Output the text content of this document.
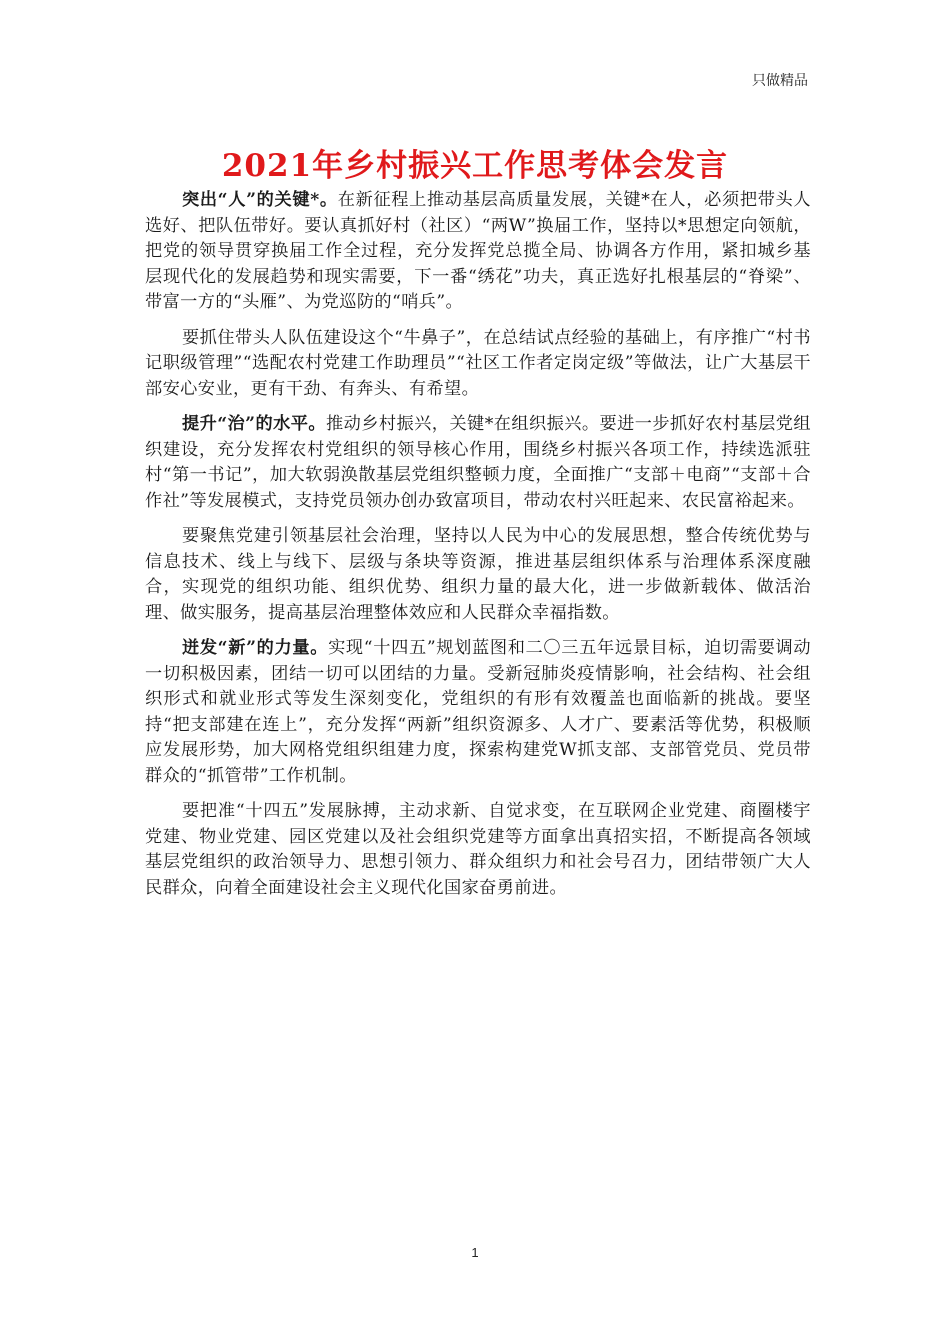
只做精品
2021年乡村振兴工作思考体会发言

突出“人”的关键*。在新征程上推动基层高质量发展，关键*在人，必须把带头人选好、把队伍带好。要认真抓好村（社区）“两W”换届工作，坚持以*思想定向领航，把党的领导贯穿换届工作全过程，充分发挥党总揽全局、协调各方作用，紧扣城乡基层现代化的发展趋势和现实需要，下一番“绣花”功夫，真正选好扎根基层的“脊梁”、带富一方的“头雁”、为党巡防的“哨兵”。

要抓住带头人队伍建设这个“牛鼻子”，在总结试点经验的基础上，有序推广“村书记职级管理”“选配农村党建工作助理员”“社区工作者定岗定级”等做法，让广大基层干部安心安业，更有干劲、有奔头、有希望。

提升“治”的水平。推动乡村振兴，关键*在组织振兴。要进一步抓好农村基层党组织建设，充分发挥农村党组织的领导核心作用，围绕乡村振兴各项工作，持续选派驻村“第一书记”，加大软弱涣散基层党组织整顿力度，全面推广“支部＋电商”“支部＋合作社”等发展模式，支持党员领办创办致富项目，带动农村兴旺起来、农民富裕起来。

要聚焦党建引领基层社会治理，坚持以人民为中心的发展思想，整合传统优势与信息技术、线上与线下、层级与条块等资源，推进基层组织体系与治理体系深度融合，实现党的组织功能、组织优势、组织力量的最大化，进一步做新载体、做活治理、做实服务，提高基层治理整体效应和人民群众幸福指数。

迸发“新”的力量。实现“十四五”规划蓝图和二〇三五年远景目标，迫切需要调动一切积极因素，团结一切可以团结的力量。受新冠肺炎疫情影响，社会结构、社会组织形式和就业形式等发生深刻变化，党组织的有形有效覆盖也面临新的挑战。要坚持“把支部建在连上”，充分发挥“两新”组织资源多、人才广、要素活等优势，积极顺应发展形势，加大网格党组织组建力度，探索构建党W抓支部、支部管党员、党员带群众的“抓管带”工作机制。

要把准“十四五”发展脉搏，主动求新、自觉求变，在互联网企业党建、商圈楼宇党建、物业党建、园区党建以及社会组织党建等方面拿出真招实招，不断提高各领域基层党组织的政治领导力、思想引领力、群众组织力和社会号召力，团结带领广大人民群众，向着全面建设社会主义现代化国家奋勇前进。

1
